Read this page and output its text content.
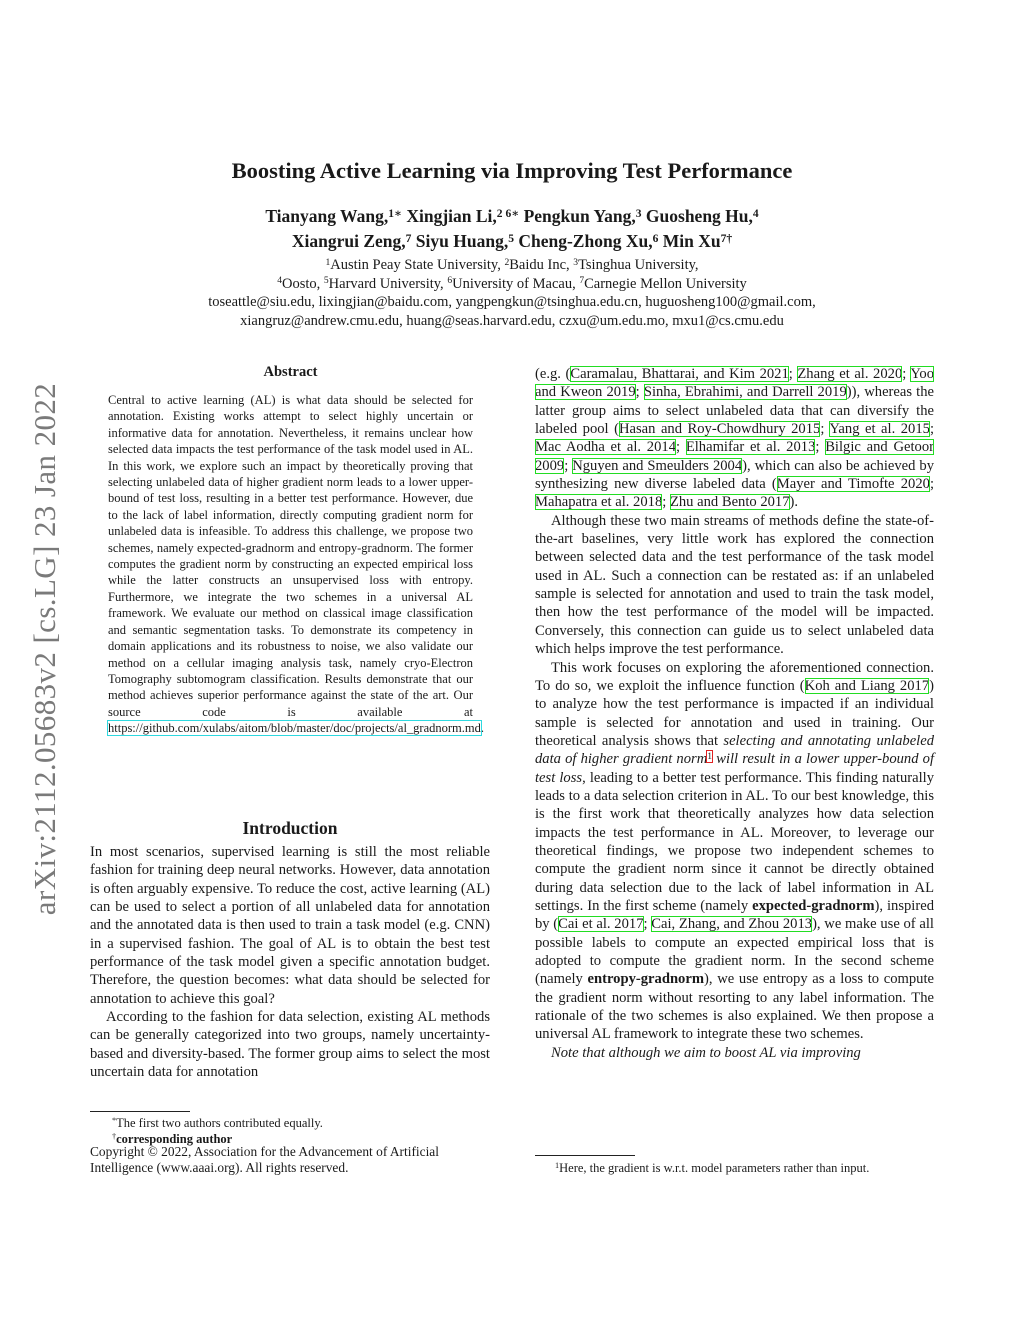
arXiv:2112.05683v2 [cs.LG] 23 Jan 2022
Boosting Active Learning via Improving Test Performance
Tianyang Wang,$^{1∗}$ Xingjian Li,$^{2 6∗}$ Pengkun Yang,$^3$ Guosheng Hu,$^4$
Xiangrui Zeng,$^7$ Siyu Huang,$^5$ Cheng-Zhong Xu,$^6$ Min $Xu^{7\dagger}$
$^1$Austin Peay State University, $^2$Baidu Inc, $^3$Tsinghua University,
$^4$Oosto, $^5$Harvard University, $^6$University of Macau, $^7$Carnegie Mellon University
toseattle@siu.edu, lixingjian@baidu.com, yangpengkun@tsinghua.edu.cn, huguosheng100@gmail.com,
xiangruz@andrew.cmu.edu, huang@seas.harvard.edu, czxu@um.edu.mo, mxu1@cs.cmu.edu
Abstract
Central to active learning (AL) is what data should be selected for annotation. Existing works attempt to select highly uncertain or informative data for annotation. Nevertheless, it remains unclear how selected data impacts the test performance of the task model used in AL. In this work, we explore such an impact by theoretically proving that selecting unlabeled data of higher gradient norm leads to a lower upper-bound of test loss, resulting in a better test performance. However, due to the lack of label information, directly computing gradient norm for unlabeled data is infeasible. To address this challenge, we propose two schemes, namely expected-gradnorm and entropy-gradnorm. The former computes the gradient norm by constructing an expected empirical loss while the latter constructs an unsupervised loss with entropy. Furthermore, we integrate the two schemes in a universal AL framework. We evaluate our method on classical image classification and semantic segmentation tasks. To demonstrate its competency in domain applications and its robustness to noise, we also validate our method on a cellular imaging analysis task, namely cryo-Electron Tomography subtomogram classification. Results demonstrate that our method achieves superior performance against the state of the art. Our source code is available at https://github.com/xulabs/aitom/blob/master/doc/projects/al_gradnorm.md.
Introduction

In most scenarios, supervised learning is still the most reliable fashion for training deep neural networks. However, data annotation is often arguably expensive. To reduce the cost, active learning (AL) can be used to select a portion of all unlabeled data for annotation and the annotated data is then used to train a task model (e.g. CNN) in a supervised fashion. The goal of AL is to obtain the best test performance of the task model given a specific annotation budget. Therefore, the question becomes: what data should be selected for annotation to achieve this goal?

According to the fashion for data selection, existing AL methods can be generally categorized into two groups, namely uncertainty-based and diversity-based. The former group aims to select the most uncertain data for annotation

*The first two authors contributed equally.
†corresponding author
Copyright © 2022, Association for the Advancement of Artificial Intelligence (www.aaai.org). All rights reserved.

(e.g. (Caramalau, Bhattarai, and Kim 2021; Zhang et al. 2020; Yoo and Kweon 2019; Sinha, Ebrahimi, and Darrell 2019)), whereas the latter group aims to select unlabeled data that can diversify the labeled pool (Hasan and Roy-Chowdhury 2015; Yang et al. 2015; Mac Aodha et al. 2014; Elhamifar et al. 2013; Bilgic and Getoor 2009; Nguyen and Smeulders 2004), which can also be achieved by synthesizing new diverse labeled data (Mayer and Timofte 2020; Mahapatra et al. 2018; Zhu and Bento 2017).

Although these two main streams of methods define the state-of-the-art baselines, very little work has explored the connection between selected data and the test performance of the task model used in AL. Such a connection can be restated as: if an unlabeled sample is selected for annotation and used to train the task model, then how the test performance of the model will be impacted. Conversely, this connection can guide us to select unlabeled data which helps improve the test performance.

This work focuses on exploring the aforementioned connection. To do so, we exploit the influence function (Koh and Liang 2017) to analyze how the test performance is impacted if an individual sample is selected for annotation and used in training. Our theoretical analysis shows that selecting and annotating unlabeled data of higher gradient norm$^1$ will result in a lower upper-bound of test loss, leading to a better test performance. This finding naturally leads to a data selection criterion in AL. To our best knowledge, this is the first work that theoretically analyzes how data selection impacts the test performance in AL. Moreover, to leverage our theoretical findings, we propose two independent schemes to compute the gradient norm since it cannot be directly obtained during data selection due to the lack of label information in AL settings. In the first scheme (namely expected-gradnorm), inspired by (Cai et al. 2017; Cai, Zhang, and Zhou 2013), we make use of all possible labels to compute an expected empirical loss that is adopted to compute the gradient norm. In the second scheme (namely entropy-gradnorm), we use entropy as a loss to compute the gradient norm without resorting to any label information. The rationale of the two schemes is also explained. We then propose a universal AL framework to integrate these two schemes.

Note that although we aim to boost AL via improving

$^1$Here, the gradient is w.r.t. model parameters rather than input.
